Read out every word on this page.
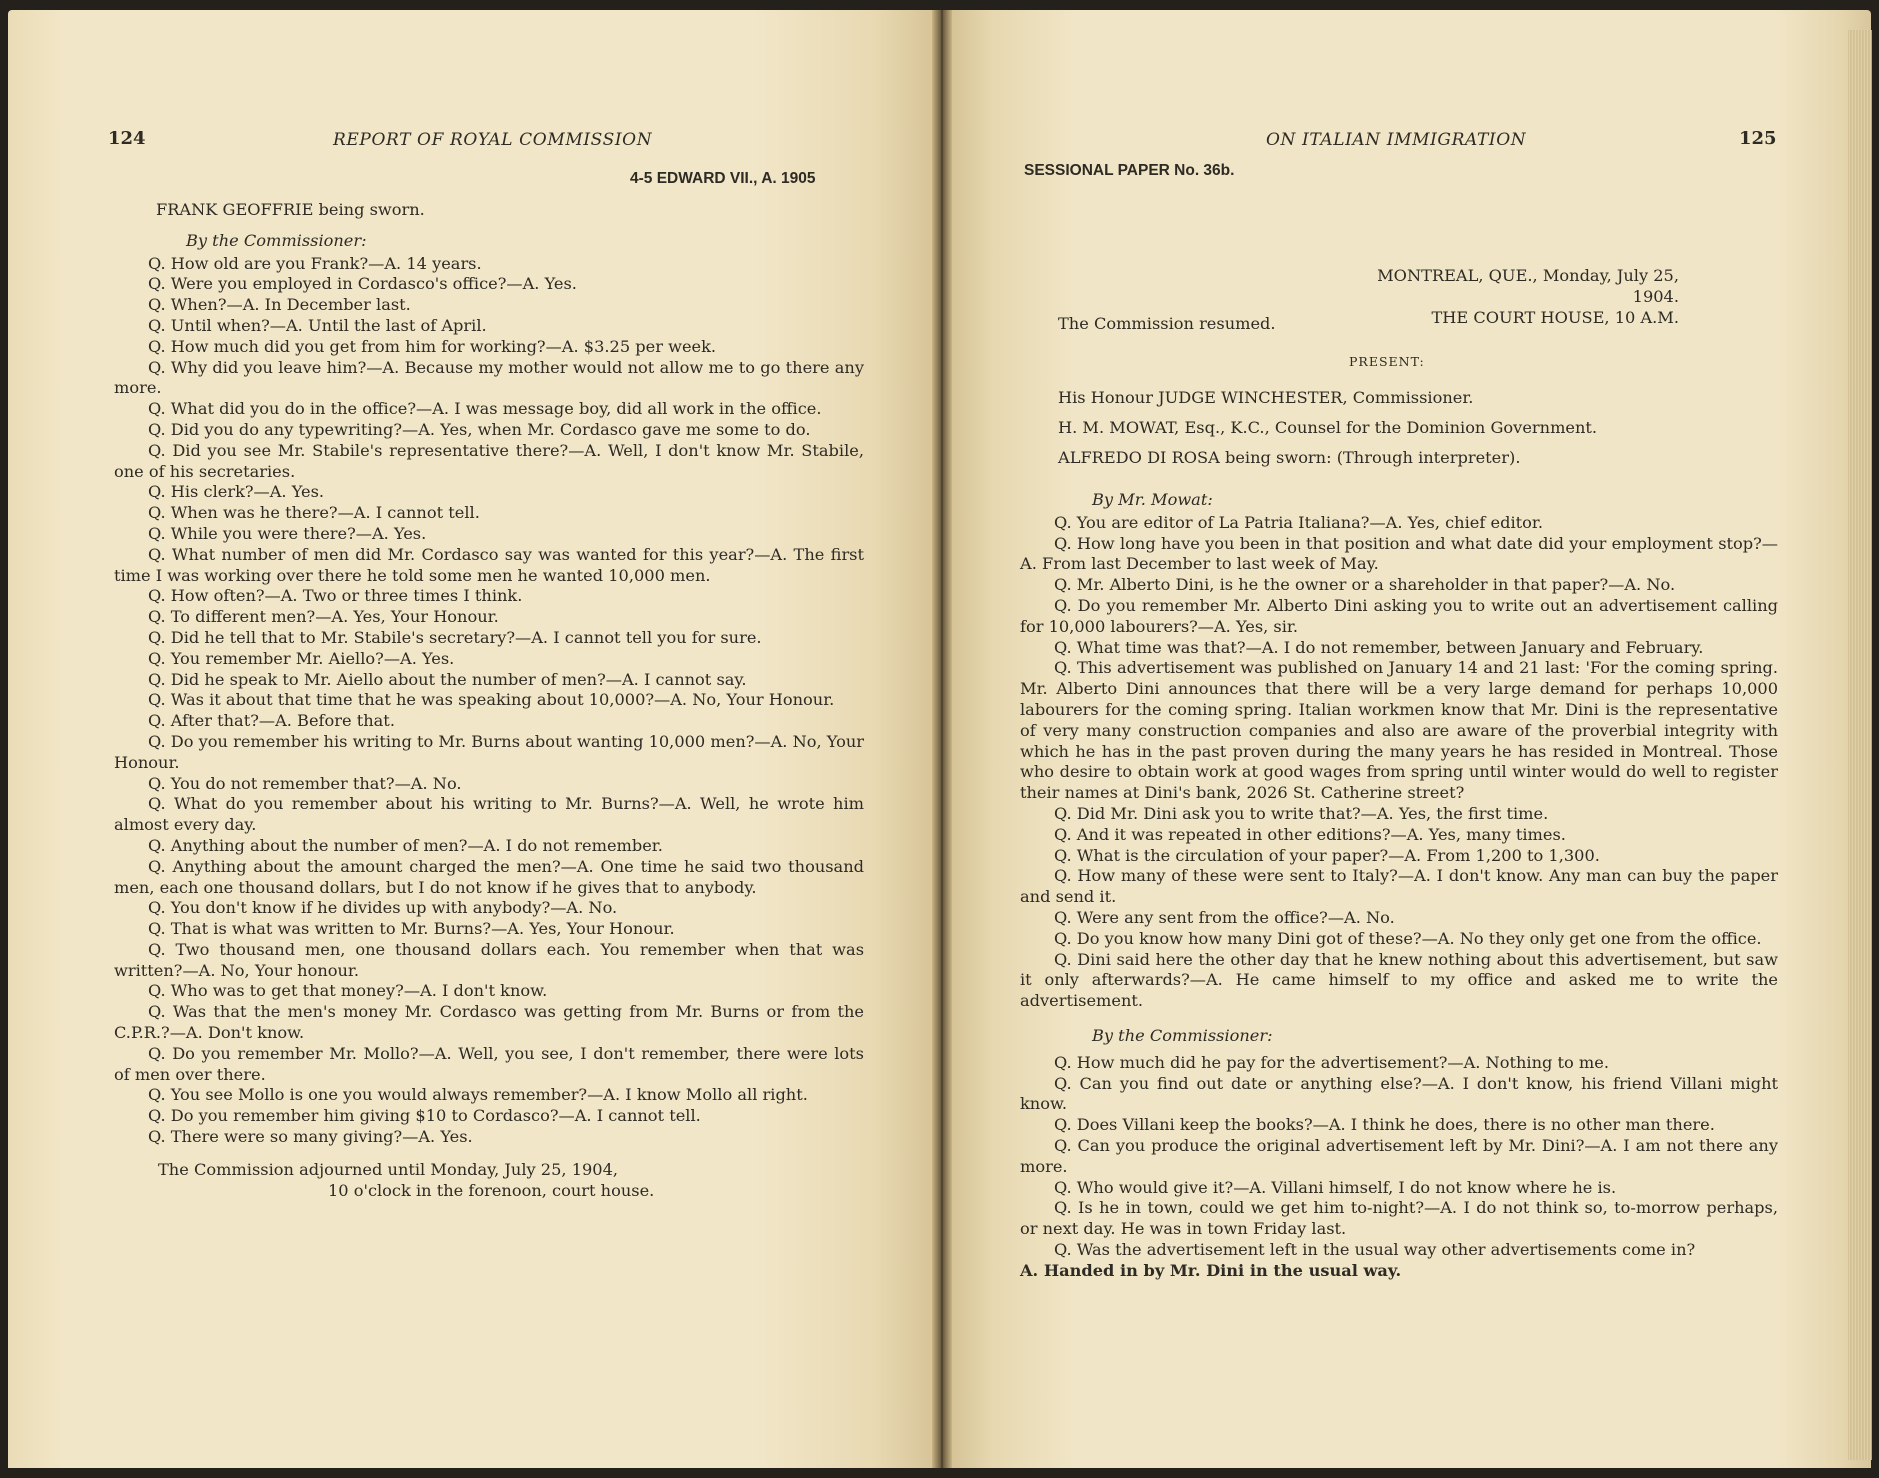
124	REPORT OF ROYAL COMMISSION
4-5 EDWARD VII., A. 1905

FRANK GEOFFRIE being sworn.

By the Commissioner:

Q. How old are you Frank?—A. 14 years.

Q. Were you employed in Cordasco's office?—A. Yes.

Q. When?—A. In December last.

Q. Until when?—A. Until the last of April.

Q. How much did you get from him for working?—A. $3.25 per week.

Q. Why did you leave him?—A. Because my mother would not allow me to go there any more.

Q. What did you do in the office?—A. I was message boy, did all work in the office.

Q. Did you do any typewriting?—A. Yes, when Mr. Cordasco gave me some to do.

Q. Did you see Mr. Stabile's representative there?—A. Well, I don't know Mr. Stabile, one of his secretaries.

Q. His clerk?—A. Yes.

Q. When was he there?—A. I cannot tell.

Q. While you were there?—A. Yes.

Q. What number of men did Mr. Cordasco say was wanted for this year?—A. The first time I was working over there he told some men he wanted 10,000 men.

Q. How often?—A. Two or three times I think.

Q. To different men?—A. Yes, Your Honour.

Q. Did he tell that to Mr. Stabile's secretary?—A. I cannot tell you for sure.

Q. You remember Mr. Aiello?—A. Yes.

Q. Did he speak to Mr. Aiello about the number of men?—A. I cannot say.

Q. Was it about that time that he was speaking about 10,000?—A. No, Your Honour.

Q. After that?—A. Before that.

Q. Do you remember his writing to Mr. Burns about wanting 10,000 men?—A. No, Your Honour.

Q. You do not remember that?—A. No.

Q. What do you remember about his writing to Mr. Burns?—A. Well, he wrote him almost every day.

Q. Anything about the number of men?—A. I do not remember.

Q. Anything about the amount charged the men?—A. One time he said two thousand men, each one thousand dollars, but I do not know if he gives that to anybody.

Q. You don't know if he divides up with anybody?—A. No.

Q. That is what was written to Mr. Burns?—A. Yes, Your Honour.

Q. Two thousand men, one thousand dollars each. You remember when that was written?—A. No, Your honour.

Q. Who was to get that money?—A. I don't know.

Q. Was that the men's money Mr. Cordasco was getting from Mr. Burns or from the C.P.R.?—A. Don't know.

Q. Do you remember Mr. Mollo?—A. Well, you see, I don't remember, there were lots of men over there.

Q. You see Mollo is one you would always remember?—A. I know Mollo all right.

Q. Do you remember him giving $10 to Cordasco?—A. I cannot tell.

Q. There were so many giving?—A. Yes.

The Commission adjourned until Monday, July 25, 1904,
10 o'clock in the forenoon, court house.
ON ITALIAN IMMIGRATION	125
SESSIONAL PAPER No. 36b.
MONTREAL, QUE., Monday, July 25, 1904.
THE COURT HOUSE, 10 A.M.
The Commission resumed.
PRESENT:
His Honour JUDGE WINCHESTER, Commissioner.
H. M. MOWAT, Esq., K.C., Counsel for the Dominion Government.
ALFREDO DI ROSA being sworn: (Through interpreter).

By Mr. Mowat:

Q. You are editor of La Patria Italiana?—A. Yes, chief editor.

Q. How long have you been in that position and what date did your employment stop?—A. From last December to last week of May.

Q. Mr. Alberto Dini, is he the owner or a shareholder in that paper?—A. No.

Q. Do you remember Mr. Alberto Dini asking you to write out an advertisement calling for 10,000 labourers?—A. Yes, sir.

Q. What time was that?—A. I do not remember, between January and February.

Q. This advertisement was published on January 14 and 21 last: 'For the coming spring. Mr. Alberto Dini announces that there will be a very large demand for perhaps 10,000 labourers for the coming spring. Italian workmen know that Mr. Dini is the representative of very many construction companies and also are aware of the proverbial integrity with which he has in the past proven during the many years he has resided in Montreal. Those who desire to obtain work at good wages from spring until winter would do well to register their names at Dini's bank, 2026 St. Catherine street?

Q. Did Mr. Dini ask you to write that?—A. Yes, the first time.

Q. And it was repeated in other editions?—A. Yes, many times.

Q. What is the circulation of your paper?—A. From 1,200 to 1,300.

Q. How many of these were sent to Italy?—A. I don't know. Any man can buy the paper and send it.

Q. Were any sent from the office?—A. No.

Q. Do you know how many Dini got of these?—A. No they only get one from the office.

Q. Dini said here the other day that he knew nothing about this advertisement, but saw it only afterwards?—A. He came himself to my office and asked me to write the advertisement.

By the Commissioner:

Q. How much did he pay for the advertisement?—A. Nothing to me.

Q. Can you find out date or anything else?—A. I don't know, his friend Villani might know.

Q. Does Villani keep the books?—A. I think he does, there is no other man there.

Q. Can you produce the original advertisement left by Mr. Dini?—A. I am not there any more.

Q. Who would give it?—A. Villani himself, I do not know where he is.

Q. Is he in town, could we get him to-night?—A. I do not think so, to-morrow perhaps, or next day. He was in town Friday last.

Q. Was the advertisement left in the usual way other advertisements come in?

A. Handed in by Mr. Dini in the usual way.
